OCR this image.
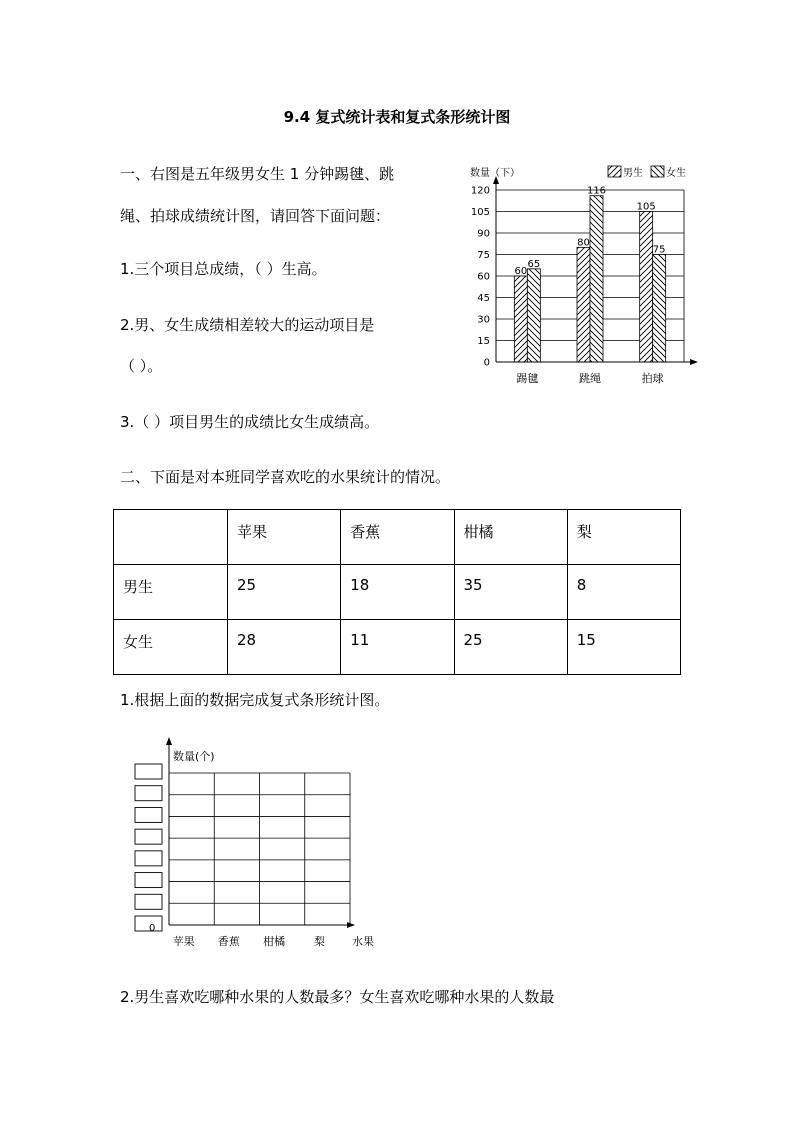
9.4 复式统计表和复式条形统计图
一、右图是五年级男女生 1 分钟踢毽、跳
绳、拍球成绩统计图，请回答下面问题：
1.三个项目总成绩，（ ）生高。
2.男、女生成绩相差较大的运动项目是
（ ）。
3.（ ）项目男生的成绩比女生成绩高。
0
15
30
45
60
75
90
105
120
60
65
踢毽
80
116
跳绳
105
75
拍球
数量（下）	男生 女生
二、下面是对本班同学喜欢吃的水果统计的情况。
	苹果	香蕉	柑橘	梨
男生	25	18	35	8
女生	28	11	25	15
1.根据上面的数据完成复式条形统计图。
数量(个)
0
苹果 香蕉 柑橘	梨 水果
2.男生喜欢吃哪种水果的人数最多？女生喜欢吃哪种水果的人数最
